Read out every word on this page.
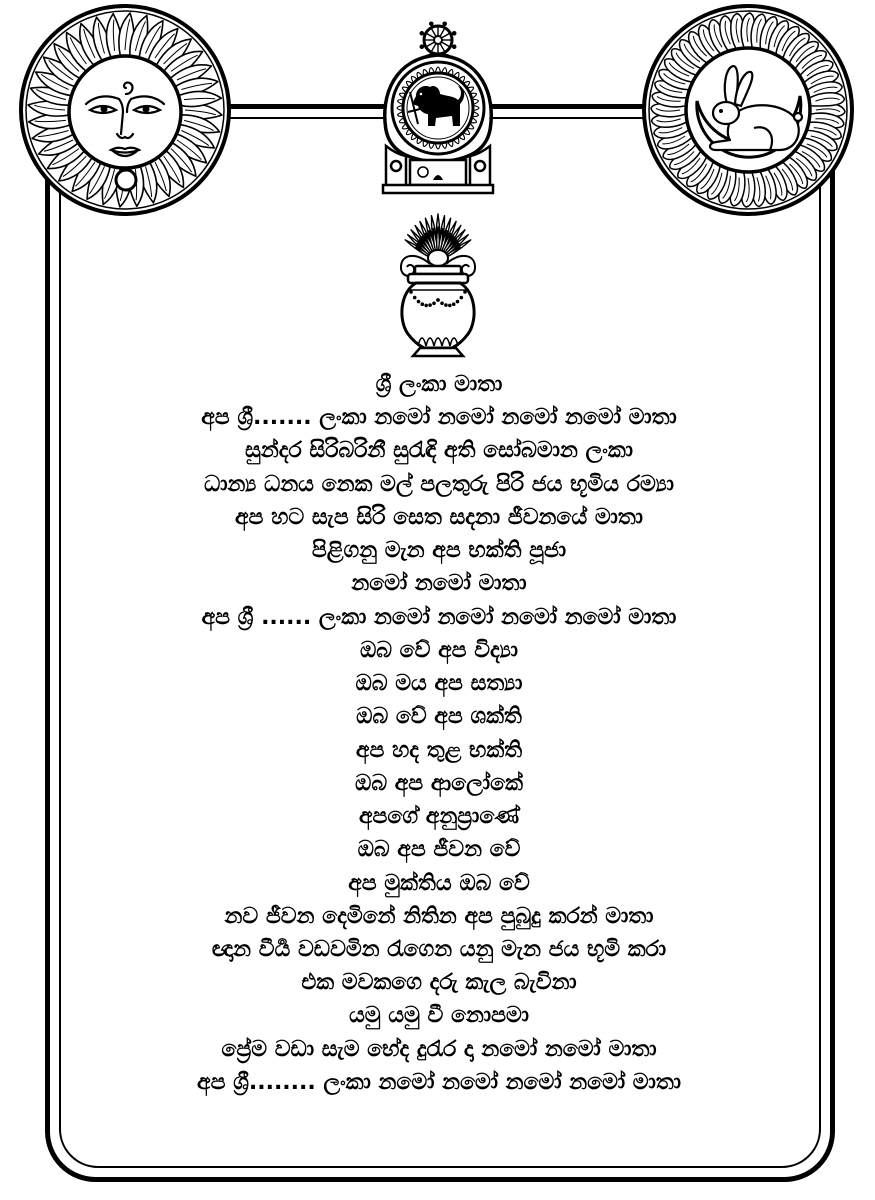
ශ්‍රී ලංකා මාතා
අප ශ්‍රී....... ලංකා නමෝ නමෝ නමෝ නමෝ මාතා
සුන්දර සිරිබරිනී සුරැඳි අති සෝබමාන ලංකා
ධාන්‍ය ධනය නෙක මල් පලතුරු පිරි ජය භූමිය රම්‍යා
අප හට සැප සිරි සෙත සදනා ජීවනයේ මාතා
පිළිගනු මැන අප භක්ති පූජා
නමෝ නමෝ මාතා
අප ශ්‍රී ...... ලංකා නමෝ නමෝ නමෝ නමෝ මාතා
ඔබ වේ අප විද්‍යා
ඔබ මය අප සත්‍යා
ඔබ වේ අප ශක්ති
අප හද තුළ භක්ති
ඔබ අප ආලෝකේ
අපගේ අනුප්‍රාණේ
ඔබ අප ජීවන වේ
අප මුක්තිය ඔබ වේ
නව ජීවන දෙමිනේ නිතින අප පුබුදු කරන් මාතා
ඥාන වීර්‍ය වඩවමින රැගෙන යනු මැන ජය භූමි කරා
එක මවකගෙ දරු කැල බැවිනා
යමු යමු වී නොපමා
ප්‍රේම වඩා සැම භේද දුරැර දා නමෝ නමෝ මාතා
අප ශ්‍රී........ ලංකා නමෝ නමෝ නමෝ නමෝ මාතා
